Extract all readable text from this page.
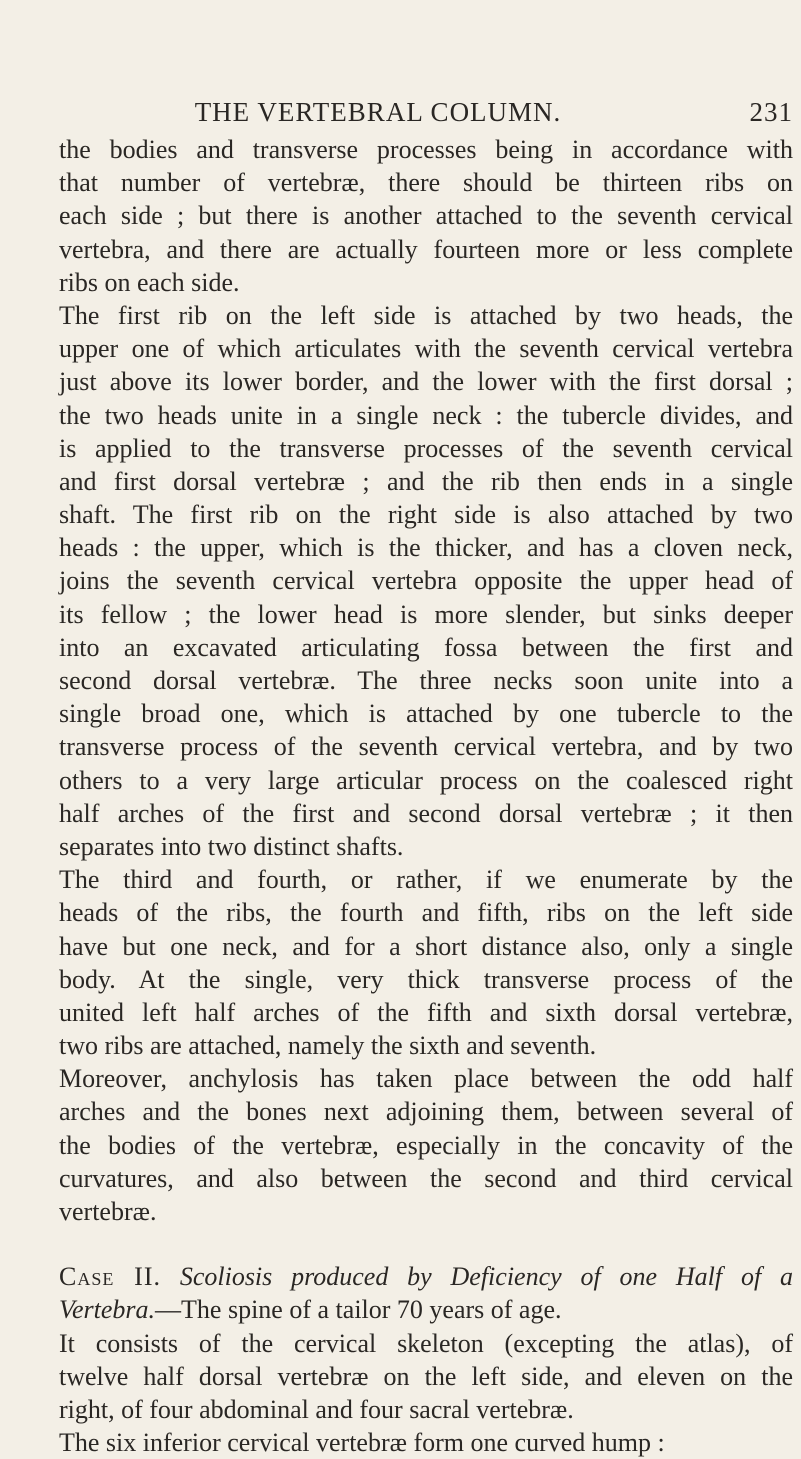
THE VERTEBRAL COLUMN.	231
the bodies and transverse processes being in accordance with
that number of vertebræ, there should be thirteen ribs on
each side ; but there is another attached to the seventh cervical
vertebra, and there are actually fourteen more or less complete
ribs on each side.
The first rib on the left side is attached by two heads, the
upper one of which articulates with the seventh cervical vertebra
just above its lower border, and the lower with the first dorsal ;
the two heads unite in a single neck : the tubercle divides, and
is applied to the transverse processes of the seventh cervical
and first dorsal vertebræ ; and the rib then ends in a single
shaft. The first rib on the right side is also attached by two
heads : the upper, which is the thicker, and has a cloven neck,
joins the seventh cervical vertebra opposite the upper head of
its fellow ; the lower head is more slender, but sinks deeper
into an excavated articulating fossa between the first and
second dorsal vertebræ. The three necks soon unite into a
single broad one, which is attached by one tubercle to the
transverse process of the seventh cervical vertebra, and by two
others to a very large articular process on the coalesced right
half arches of the first and second dorsal vertebræ ; it then
separates into two distinct shafts.
The third and fourth, or rather, if we enumerate by the
heads of the ribs, the fourth and fifth, ribs on the left side
have but one neck, and for a short distance also, only a single
body. At the single, very thick transverse process of the
united left half arches of the fifth and sixth dorsal vertebræ,
two ribs are attached, namely the sixth and seventh.
Moreover, anchylosis has taken place between the odd half
arches and the bones next adjoining them, between several of
the bodies of the vertebræ, especially in the concavity of the
curvatures, and also between the second and third cervical
vertebræ.
Case II. Scoliosis produced by Deficiency of one Half of a
Vertebra.—The spine of a tailor 70 years of age.
It consists of the cervical skeleton (excepting the atlas), of
twelve half dorsal vertebræ on the left side, and eleven on the
right, of four abdominal and four sacral vertebræ.
The six inferior cervical vertebræ form one curved hump :
